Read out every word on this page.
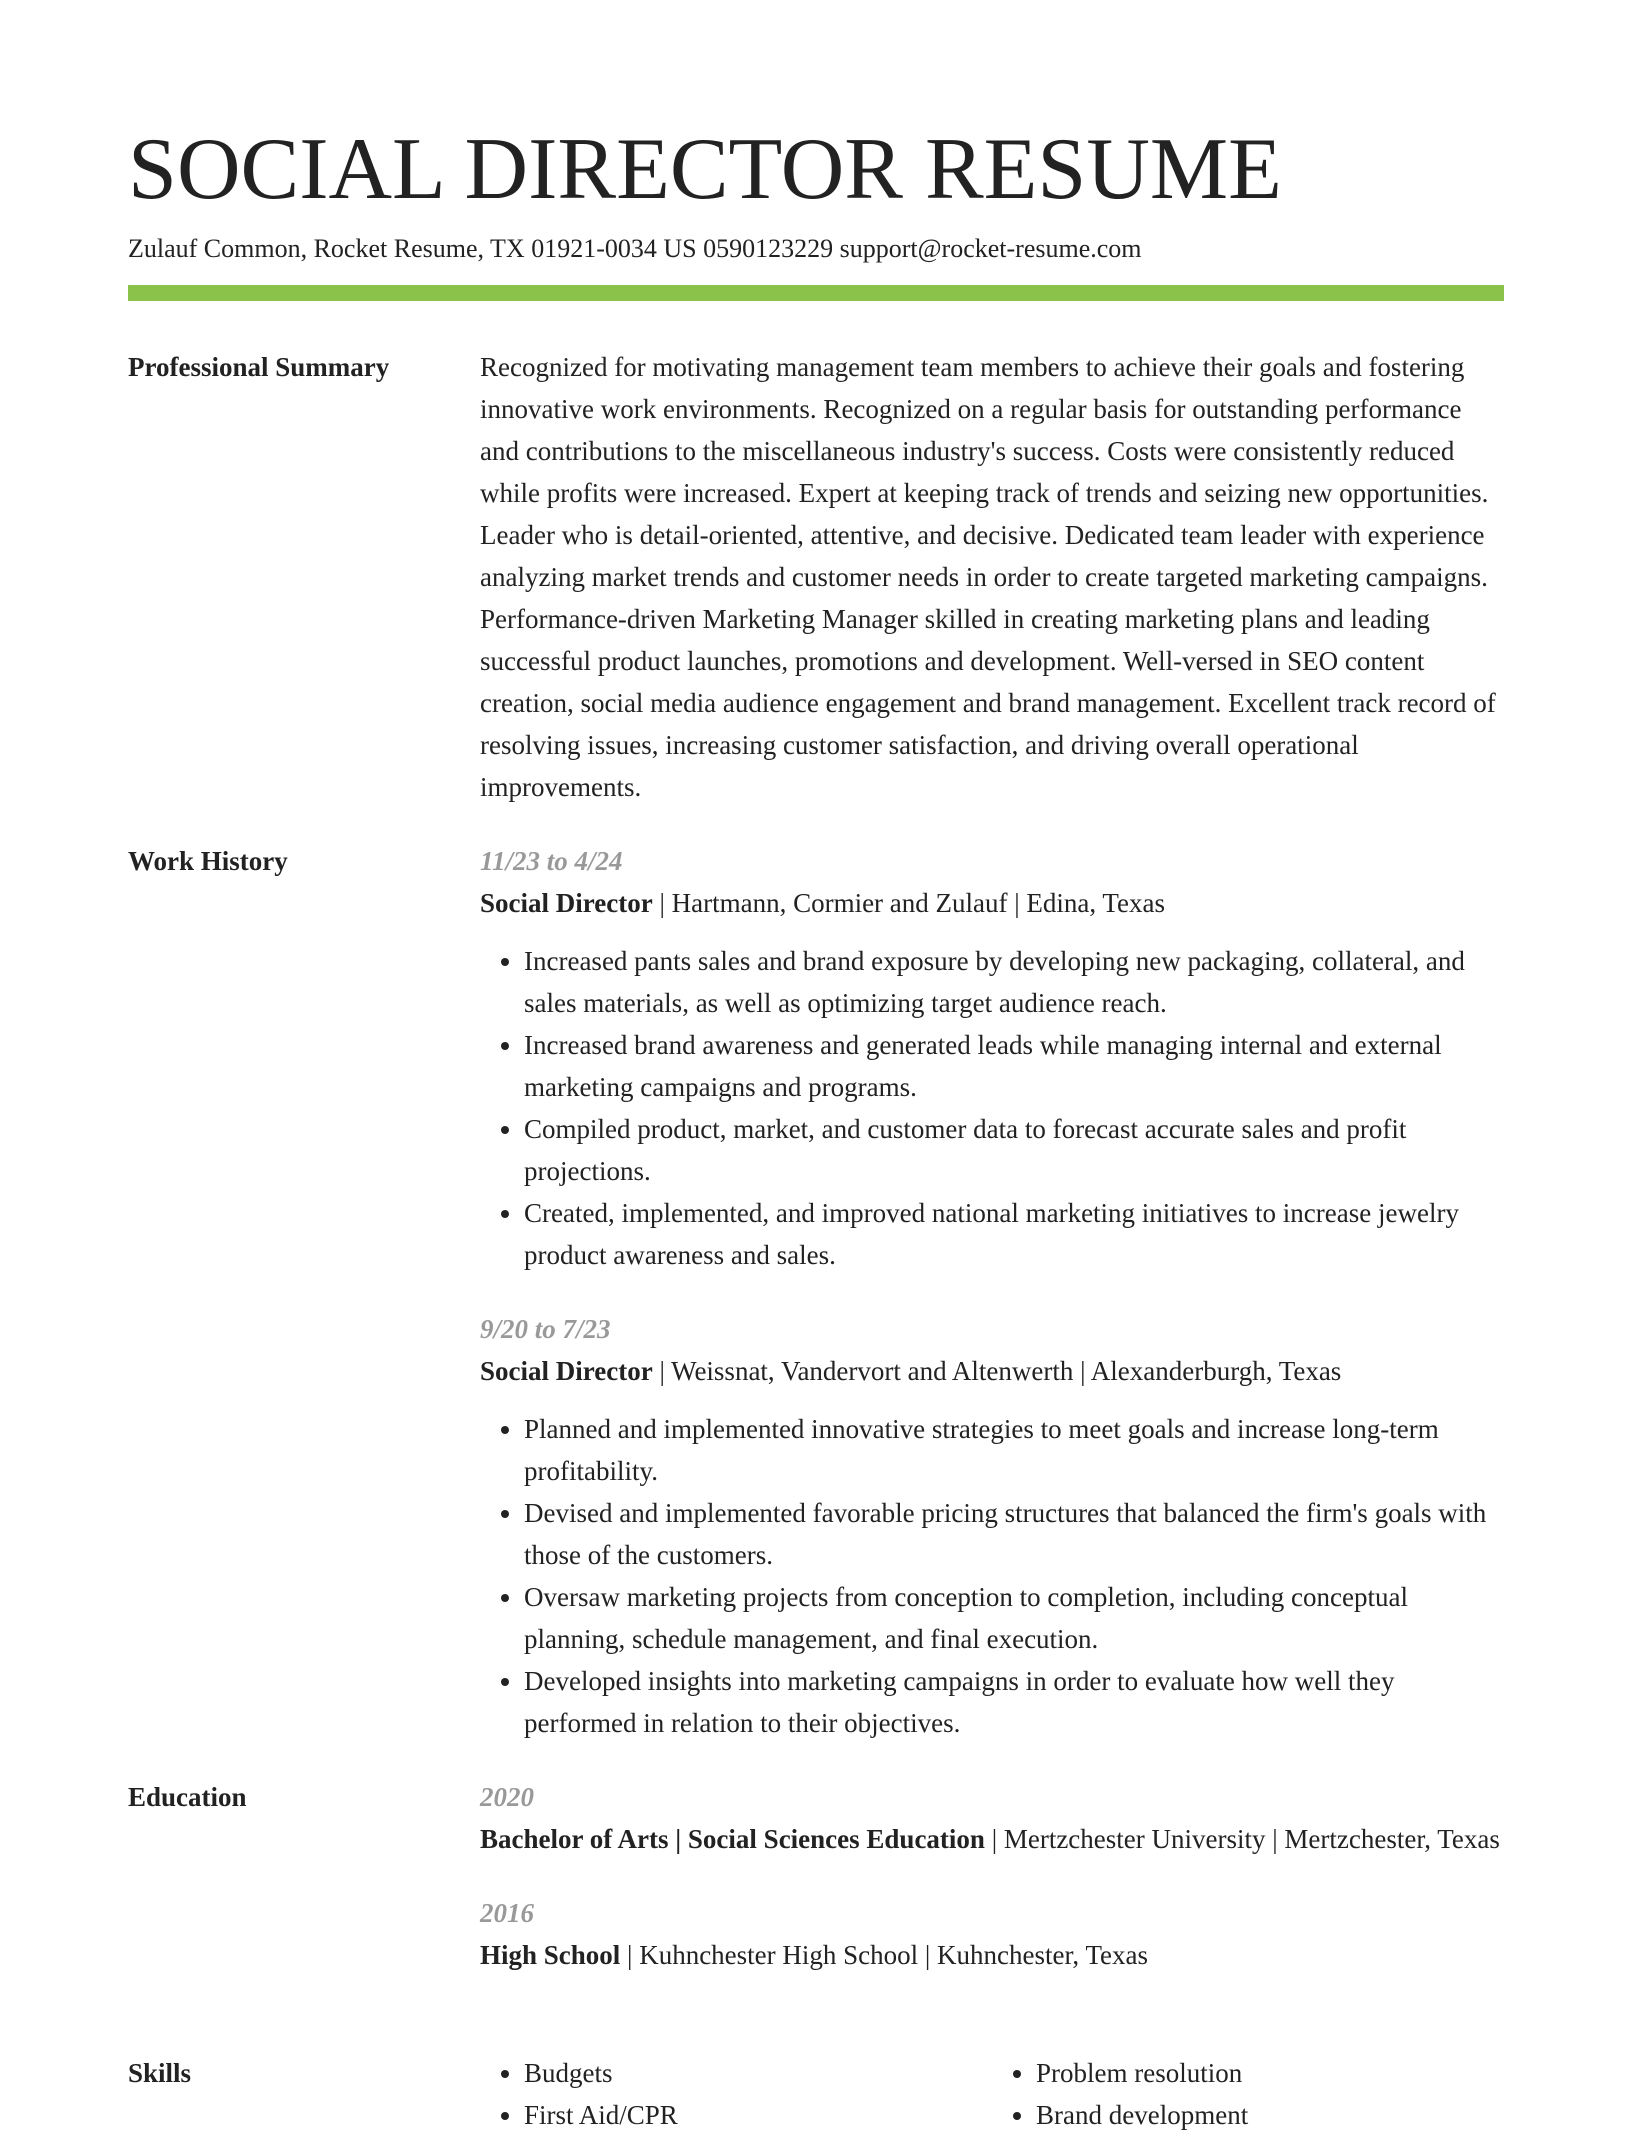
SOCIAL DIRECTOR RESUME
Zulauf Common, Rocket Resume, TX 01921-0034 US 0590123229 support@rocket-resume.com
Professional Summary	Recognized for motivating management team members to achieve their goals and fostering innovative work environments. Recognized on a regular basis for outstanding performance and contributions to the miscellaneous industry's success. Costs were consistently reduced while profits were increased. Expert at keeping track of trends and seizing new opportunities. Leader who is detail-oriented, attentive, and decisive. Dedicated team leader with experience analyzing market trends and customer needs in order to create targeted marketing campaigns. Performance-driven Marketing Manager skilled in creating marketing plans and leading successful product launches, promotions and development. Well-versed in SEO content creation, social media audience engagement and brand management. Excellent track record of resolving issues, increasing customer satisfaction, and driving overall operational improvements.

Work History	11/23 to 4/24

Social Director | Hartmann, Cormier and Zulauf | Edina, Texas

• Increased pants sales and brand exposure by developing new packaging, collateral, and sales materials, as well as optimizing target audience reach.
• Increased brand awareness and generated leads while managing internal and external marketing campaigns and programs.
• Compiled product, market, and customer data to forecast accurate sales and profit projections.
• Created, implemented, and improved national marketing initiatives to increase jewelry product awareness and sales.

9/20 to 7/23

Social Director | Weissnat, Vandervort and Altenwerth | Alexanderburgh, Texas

• Planned and implemented innovative strategies to meet goals and increase long-term profitability.
• Devised and implemented favorable pricing structures that balanced the firm's goals with those of the customers.
• Oversaw marketing projects from conception to completion, including conceptual planning, schedule management, and final execution.
• Developed insights into marketing campaigns in order to evaluate how well they performed in relation to their objectives.
Education	2020

Bachelor of Arts | Social Sciences Education | Mertzchester University | Mertzchester, Texas

2016

High School | Kuhnchester High School | Kuhnchester, Texas

Skills
•	Budgets
• First Aid/CPR
• Problem resolution
• Brand development
